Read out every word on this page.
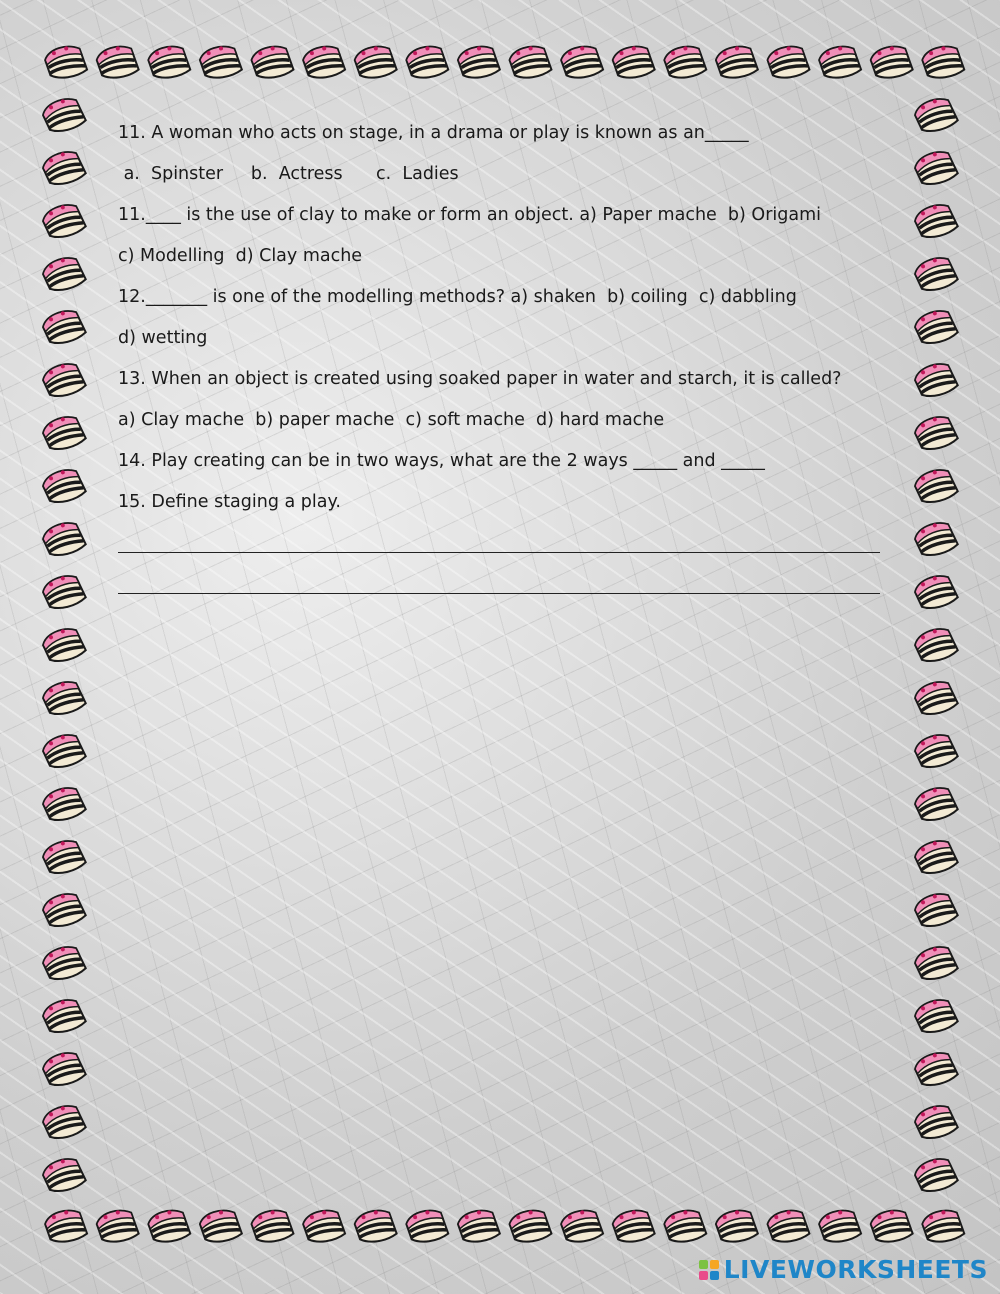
11. A woman who acts on stage, in a drama or play is known as an_____
a.  Spinster     b.  Actress      c.  Ladies
11.____ is the use of clay to make or form an object. a) Paper mache  b) Origami
c) Modelling  d) Clay mache
12._______ is one of the modelling methods? a) shaken  b) coiling  c) dabbling
d) wetting
13. When an object is created using soaked paper in water and starch, it is called?
a) Clay mache  b) paper mache  c) soft mache  d) hard mache
14. Play creating can be in two ways, what are the 2 ways _____ and _____
15. Define staging a play.
LIVEWORKSHEETS
